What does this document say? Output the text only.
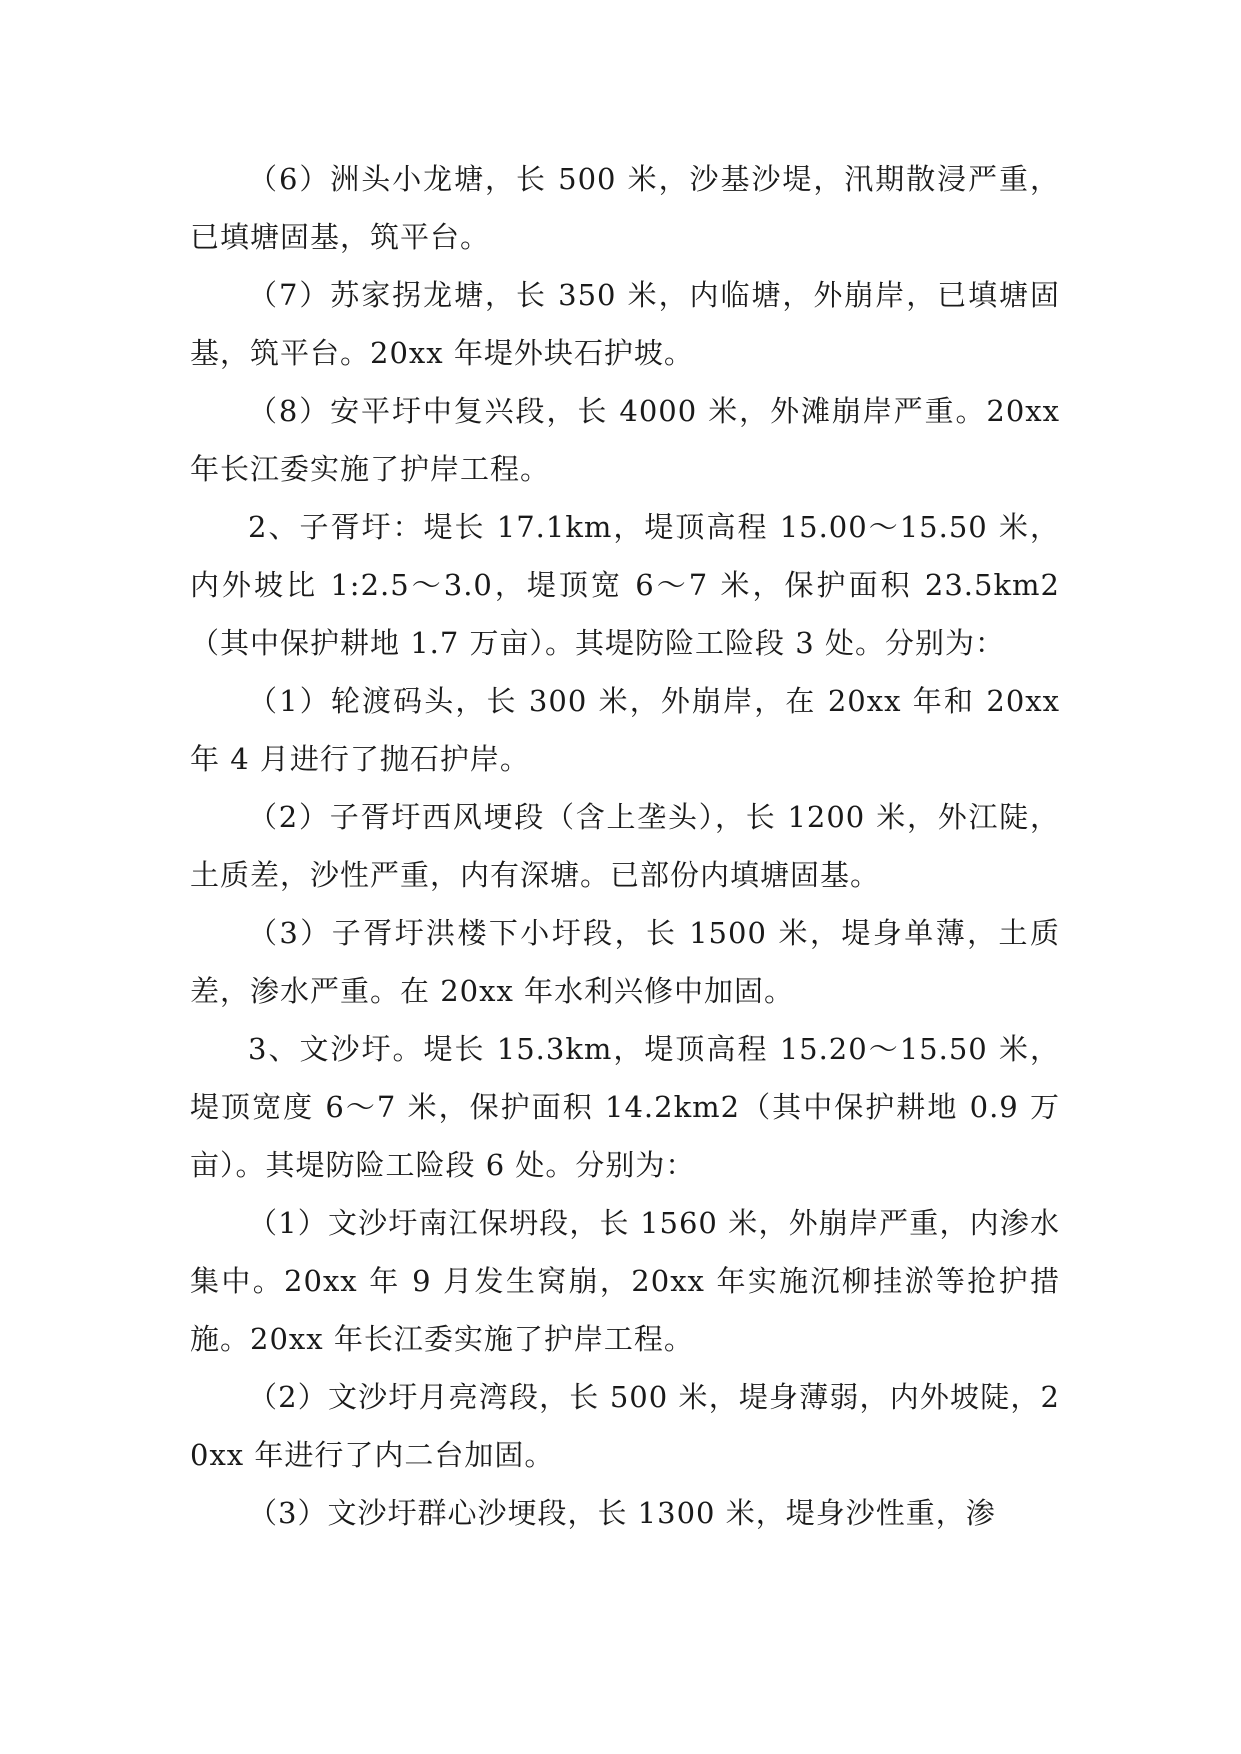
（6）洲头小龙塘，长 500 米，沙基沙堤，汛期散浸严重，已填塘固基，筑平台。

（7）苏家拐龙塘，长 350 米，内临塘，外崩岸，已填塘固基，筑平台。20xx 年堤外块石护坡。

（8）安平圩中复兴段，长 4000 米，外滩崩岸严重。20xx 年长江委实施了护岸工程。

2、子胥圩：堤长 17.1km，堤顶高程 15.00～15.50 米，内外坡比 1:2.5～3.0，堤顶宽 6～7 米，保护面积 23.5km2（其中保护耕地 1.7 万亩）。其堤防险工险段 3 处。分别为：

（1）轮渡码头，长 300 米，外崩岸，在 20xx 年和 20xx 年 4 月进行了抛石护岸。

（2）子胥圩西风埂段（含上垄头），长 1200 米，外江陡，土质差，沙性严重，内有深塘。已部份内填塘固基。

（3）子胥圩洪楼下小圩段，长 1500 米，堤身单薄，土质差，渗水严重。在 20xx 年水利兴修中加固。

3、文沙圩。堤长 15.3km，堤顶高程 15.20～15.50 米，堤顶宽度 6～7 米，保护面积 14.2km2（其中保护耕地 0.9 万亩）。其堤防险工险段 6 处。分别为：

（1）文沙圩南江保坍段，长 1560 米，外崩岸严重，内渗水集中。20xx 年 9 月发生窝崩，20xx 年实施沉柳挂淤等抢护措施。20xx 年长江委实施了护岸工程。

（2）文沙圩月亮湾段，长 500 米，堤身薄弱，内外坡陡，20xx 年进行了内二台加固。

（3）文沙圩群心沙埂段，长 1300 米，堤身沙性重，渗
